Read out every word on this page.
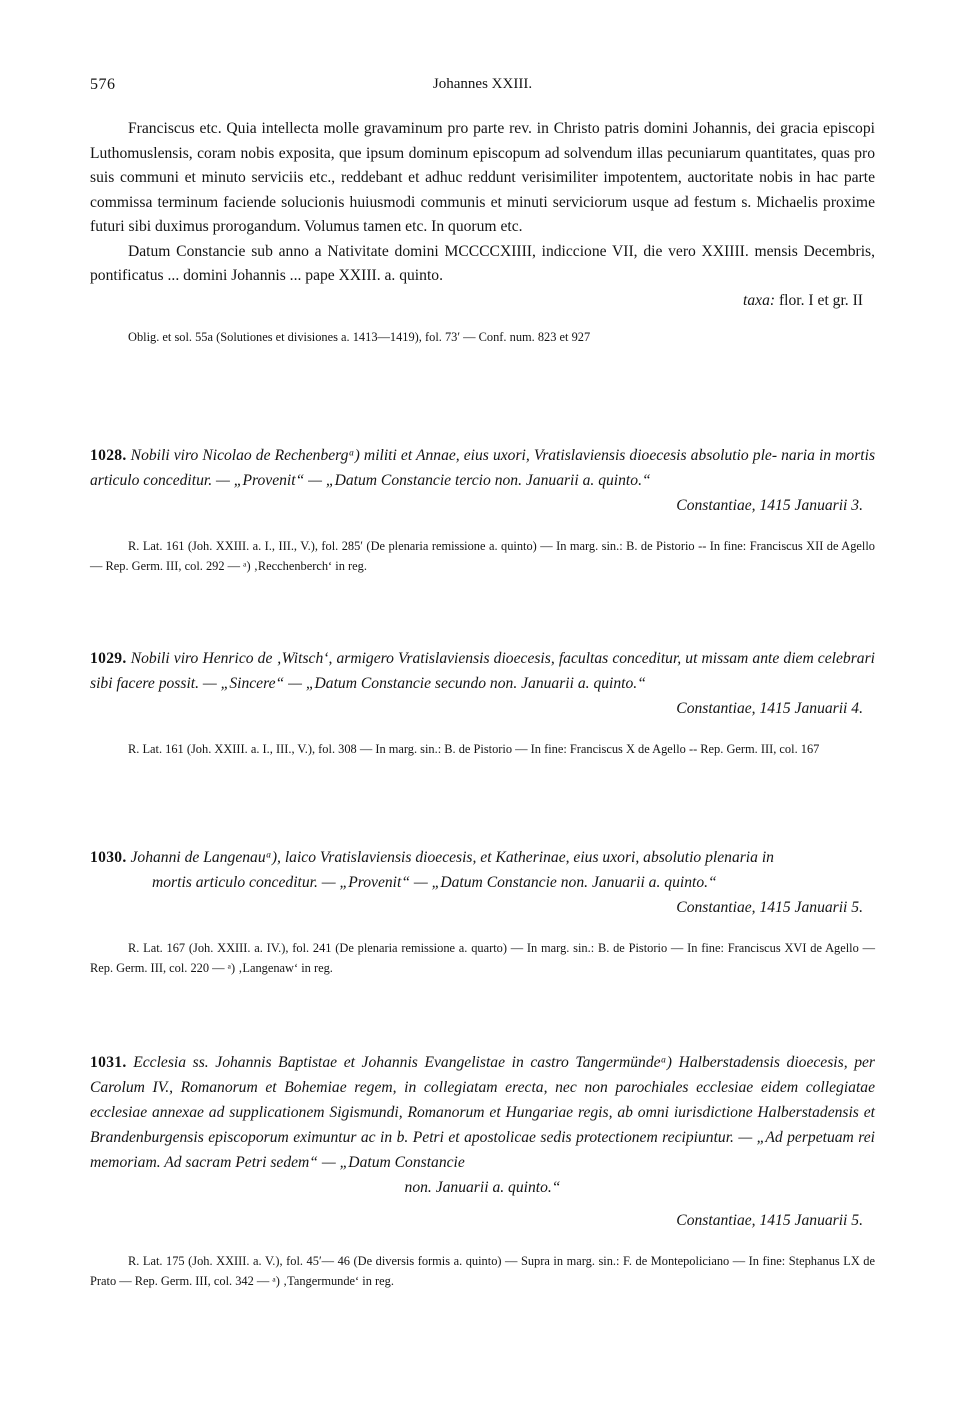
576	Johannes XXIII.

Franciscus etc. Quia intellecta molle gravaminum pro parte rev. in Christo patris domini Johannis, dei gracia episcopi Luthomuslensis, coram nobis exposita, que ipsum dominum episcopum ad solvendum illas pecuniarum quantitates, quas pro suis communi et minuto serviciis etc., reddebant et adhuc reddunt verisimiliter impotentem, auctoritate nobis in hac parte commissa terminum faciende solucionis huiusmodi communis et minuti serviciorum usque ad festum s. Michaelis proxime futuri sibi duximus prorogandum. Volumus tamen etc. In quorum etc.

Datum Constancie sub anno a Nativitate domini MCCCCXIIII, indiccione VII, die vero XXIIII. mensis Decembris, pontificatus ... domini Johannis ... pape XXIII. a. quinto.

taxa: flor. I et gr. II

Oblig. et sol. 55a (Solutiones et divisiones a. 1413—1419), fol. 73′ — Conf. num. 823 et 927

1028. Nobili viro Nicolao de Rechenbergᵃ) militi et Annae, eius uxori, Vratislaviensis dioecesis absolutio ple- naria in mortis articulo conceditur. — „Provenit“ — „Datum Constancie tercio non. Januarii a. quinto.“

Constantiae, 1415 Januarii 3.

R. Lat. 161 (Joh. XXIII. a. I., III., V.), fol. 285′ (De plenaria remissione a. quinto) — In marg. sin.: B. de Pistorio -- In fine: Franciscus XII de Agello — Rep. Germ. III, col. 292 — ᵃ) ‚Recchenberch‘ in reg.

1029. Nobili viro Henrico de ‚Witsch‘, armigero Vratislaviensis dioecesis, facultas conceditur, ut missam ante diem celebrari sibi facere possit. — „Sincere“ — „Datum Constancie secundo non. Januarii a. quinto.“

Constantiae, 1415 Januarii 4.

R. Lat. 161 (Joh. XXIII. a. I., III., V.), fol. 308 — In marg. sin.: B. de Pistorio — In fine: Franciscus X de Agello -- Rep. Germ. III, col. 167

1030. Johanni de Langenauᵃ), laico Vratislaviensis dioecesis, et Katherinae, eius uxori, absolutio plenaria in
mortis articulo conceditur. — „Provenit“ — „Datum Constancie non. Januarii a. quinto.“

Constantiae, 1415 Januarii 5.

R. Lat. 167 (Joh. XXIII. a. IV.), fol. 241 (De plenaria remissione a. quarto) — In marg. sin.: B. de Pistorio — In fine: Franciscus XVI de Agello — Rep. Germ. III, col. 220 — ᵃ) ‚Langenaw‘ in reg.

1031. Ecclesia ss. Johannis Baptistae et Johannis Evangelistae in castro Tangermündeᵃ) Halberstadensis dioecesis, per Carolum IV., Romanorum et Bohemiae regem, in collegiatam erecta, nec non parochiales ecclesiae eidem collegiatae ecclesiae annexae ad supplicationem Sigismundi, Romanorum et Hungariae regis, ab omni iurisdictione Halberstadensis et Brandenburgensis episcoporum eximuntur ac in b. Petri et apostolicae sedis protectionem recipiuntur. — „Ad perpetuam rei memoriam. Ad sacram Petri sedem“ — „Datum Constancie

non. Januarii a. quinto.“

Constantiae, 1415 Januarii 5.

R. Lat. 175 (Joh. XXIII. a. V.), fol. 45′— 46 (De diversis formis a. quinto) — Supra in marg. sin.: F. de Montepoliciano — In fine: Stephanus LX de Prato — Rep. Germ. III, col. 342 — ᵃ) ‚Tangermunde‘ in reg.
